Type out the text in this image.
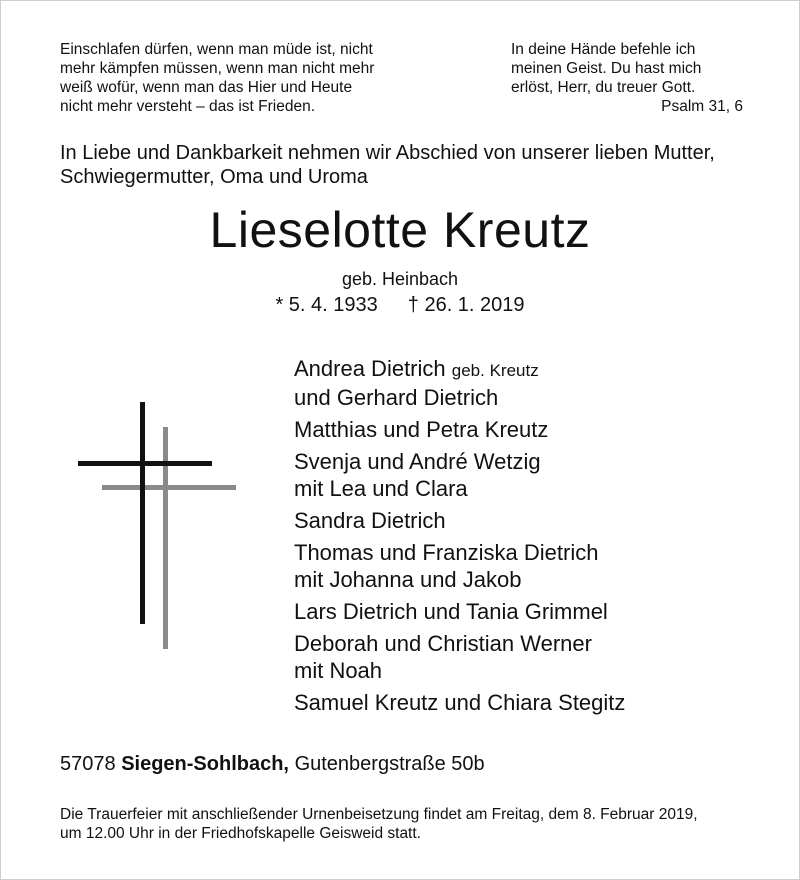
Einschlafen dürfen, wenn man müde ist, nicht
mehr kämpfen müssen, wenn man nicht mehr
weiß wofür, wenn man das Hier und Heute
nicht mehr versteht – das ist Frieden.
In deine Hände befehle ich
meinen Geist. Du hast mich
erlöst, Herr, du treuer Gott.
Psalm 31, 6
In Liebe und Dankbarkeit nehmen wir Abschied von unserer lieben Mutter,
Schwiegermutter, Oma und Uroma
Lieselotte Kreutz
geb. Heinbach
* 5. 4. 1933 † 26. 1. 2019
Andrea Dietrich geb. Kreutz
und Gerhard Dietrich
Matthias und Petra Kreutz
Svenja und André Wetzig
mit Lea und Clara
Sandra Dietrich
Thomas und Franziska Dietrich
mit Johanna und Jakob
Lars Dietrich und Tania Grimmel
Deborah und Christian Werner
mit Noah
Samuel Kreutz und Chiara Stegitz
57078 Siegen-Sohlbach, Gutenbergstraße 50b
Die Trauerfeier mit anschließender Urnenbeisetzung findet am Freitag, dem 8. Februar 2019,
um 12.00 Uhr in der Friedhofskapelle Geisweid statt.
